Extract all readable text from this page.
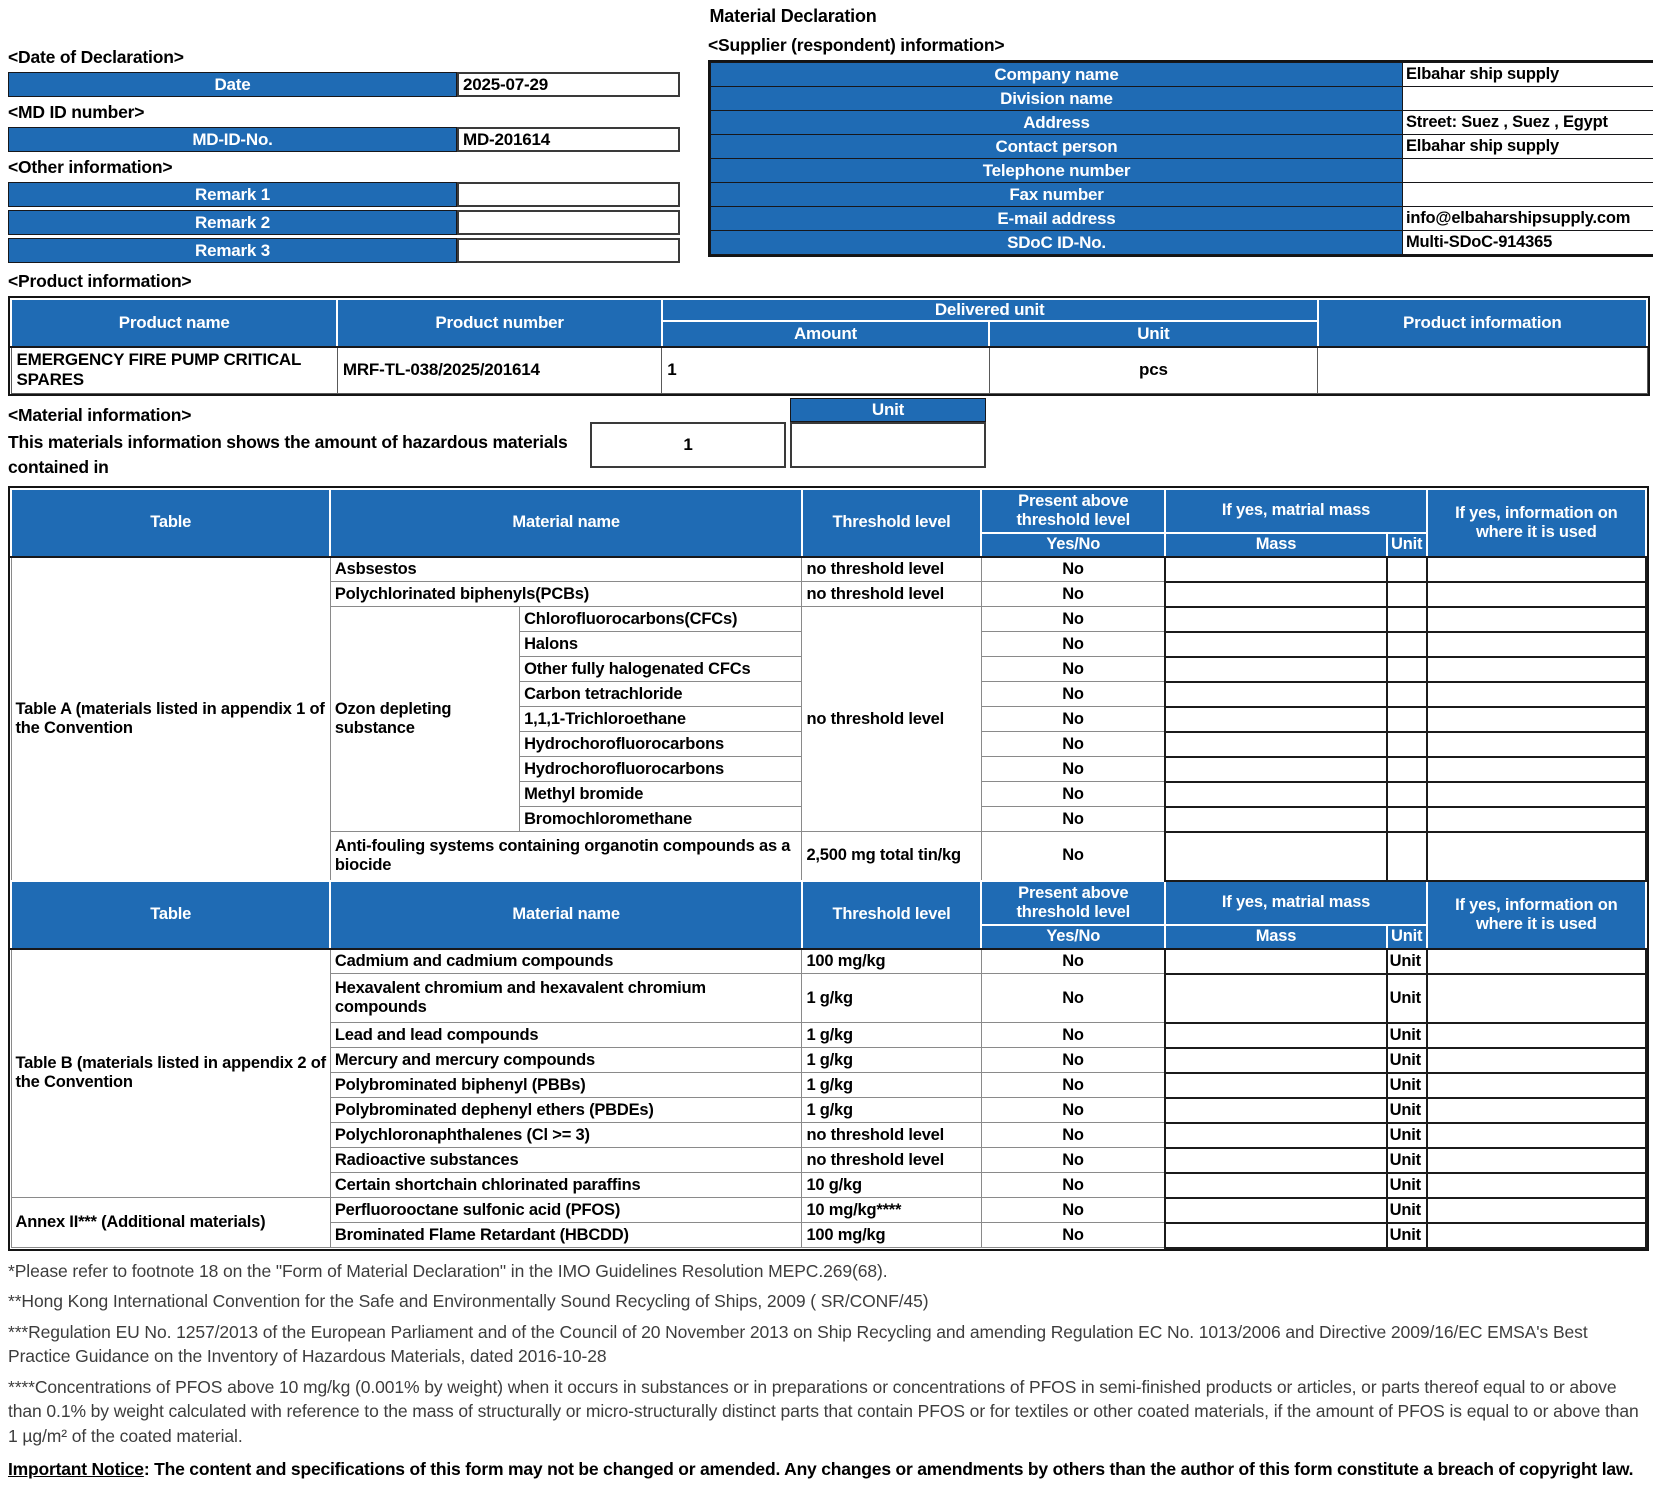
Material Declaration
<Date of Declaration>
Date	2025-07-29
<MD ID number>
MD-ID-No.	MD-201614
<Other information>
Remark 1
Remark 2
Remark 3
<Supplier (respondent) information>
Company name	Elbahar ship supply
Division name	
Address	Street: Suez , Suez , Egypt
Contact person	Elbahar ship supply
Telephone number	
Fax number	
E-mail address	info@elbaharshipsupply.com
SDoC ID-No.	Multi-SDoC-914365
<Product information>
Product name	Product number	Delivered unit		Product information
		Amount	Unit	
EMERGENCY FIRE PUMP CRITICAL SPARES	MRF-TL-038/2025/201614	1	pcs	
<Material information>
This materials information shows the amount of hazardous materials contained in
1
Unit
Table	Material name		Threshold level	Present above threshold level	If yes, matrial mass		If yes, information on where it is used
				Yes/No	Mass	Unit	
Table A (materials listed in appendix 1 of the Convention	Asbsestos		no threshold level	No			
	Polychlorinated biphenyls(PCBs)		no threshold level	No			
	Ozon depleting substance	Chlorofluorocarbons(CFCs)	no threshold level	No			
		Halons		No			
		Other fully halogenated CFCs		No			
		Carbon tetrachloride		No			
		1,1,1-Trichloroethane		No			
		Hydrochorofluorocarbons		No			
		Hydrochorofluorocarbons		No			
		Methyl bromide		No			
		Bromochloromethane		No			
	Anti-fouling systems containing organotin compounds as a biocide		2,500 mg total tin/kg	No			
Table	Material name		Threshold level	Present above threshold level	If yes, matrial mass		If yes, information on where it is used
				Yes/No	Mass	Unit	
Table B (materials listed in appendix 2 of the Convention	Cadmium and cadmium compounds		100 mg/kg	No		Unit	
	Hexavalent chromium and hexavalent chromium compounds		1 g/kg	No		Unit	
	Lead and lead compounds		1 g/kg	No		Unit	
	Mercury and mercury compounds		1 g/kg	No		Unit	
	Polybrominated biphenyl (PBBs)		1 g/kg	No		Unit	
	Polybrominated dephenyl ethers (PBDEs)		1 g/kg	No		Unit	
	Polychloronaphthalenes (Cl >= 3)		no threshold level	No		Unit	
	Radioactive substances		no threshold level	No		Unit	
	Certain shortchain chlorinated paraffins		10 g/kg	No		Unit	
Annex II*** (Additional materials)	Perfluorooctane sulfonic acid (PFOS)		10 mg/kg****	No		Unit	
	Brominated Flame Retardant (HBCDD)		100 mg/kg	No		Unit	
*Please refer to footnote 18 on the "Form of Material Declaration" in the IMO Guidelines Resolution MEPC.269(68).
**Hong Kong International Convention for the Safe and Environmentally Sound Recycling of Ships, 2009 ( SR/CONF/45)
***Regulation EU No. 1257/2013 of the European Parliament and of the Council of 20 November 2013 on Ship Recycling and amending Regulation EC No. 1013/2006 and Directive 2009/16/EC EMSA's Best Practice Guidance on the Inventory of Hazardous Materials, dated 2016-10-28
****Concentrations of PFOS above 10 mg/kg (0.001% by weight) when it occurs in substances or in preparations or concentrations of PFOS in semi-finished products or articles, or parts thereof equal to or above than 0.1% by weight calculated with reference to the mass of structurally or micro-structurally distinct parts that contain PFOS or for textiles or other coated materials, if the amount of PFOS is equal to or above than 1 µg/m² of the coated material.
Important Notice: The content and specifications of this form may not be changed or amended. Any changes or amendments by others than the author of this form constitute a breach of copyright law.
